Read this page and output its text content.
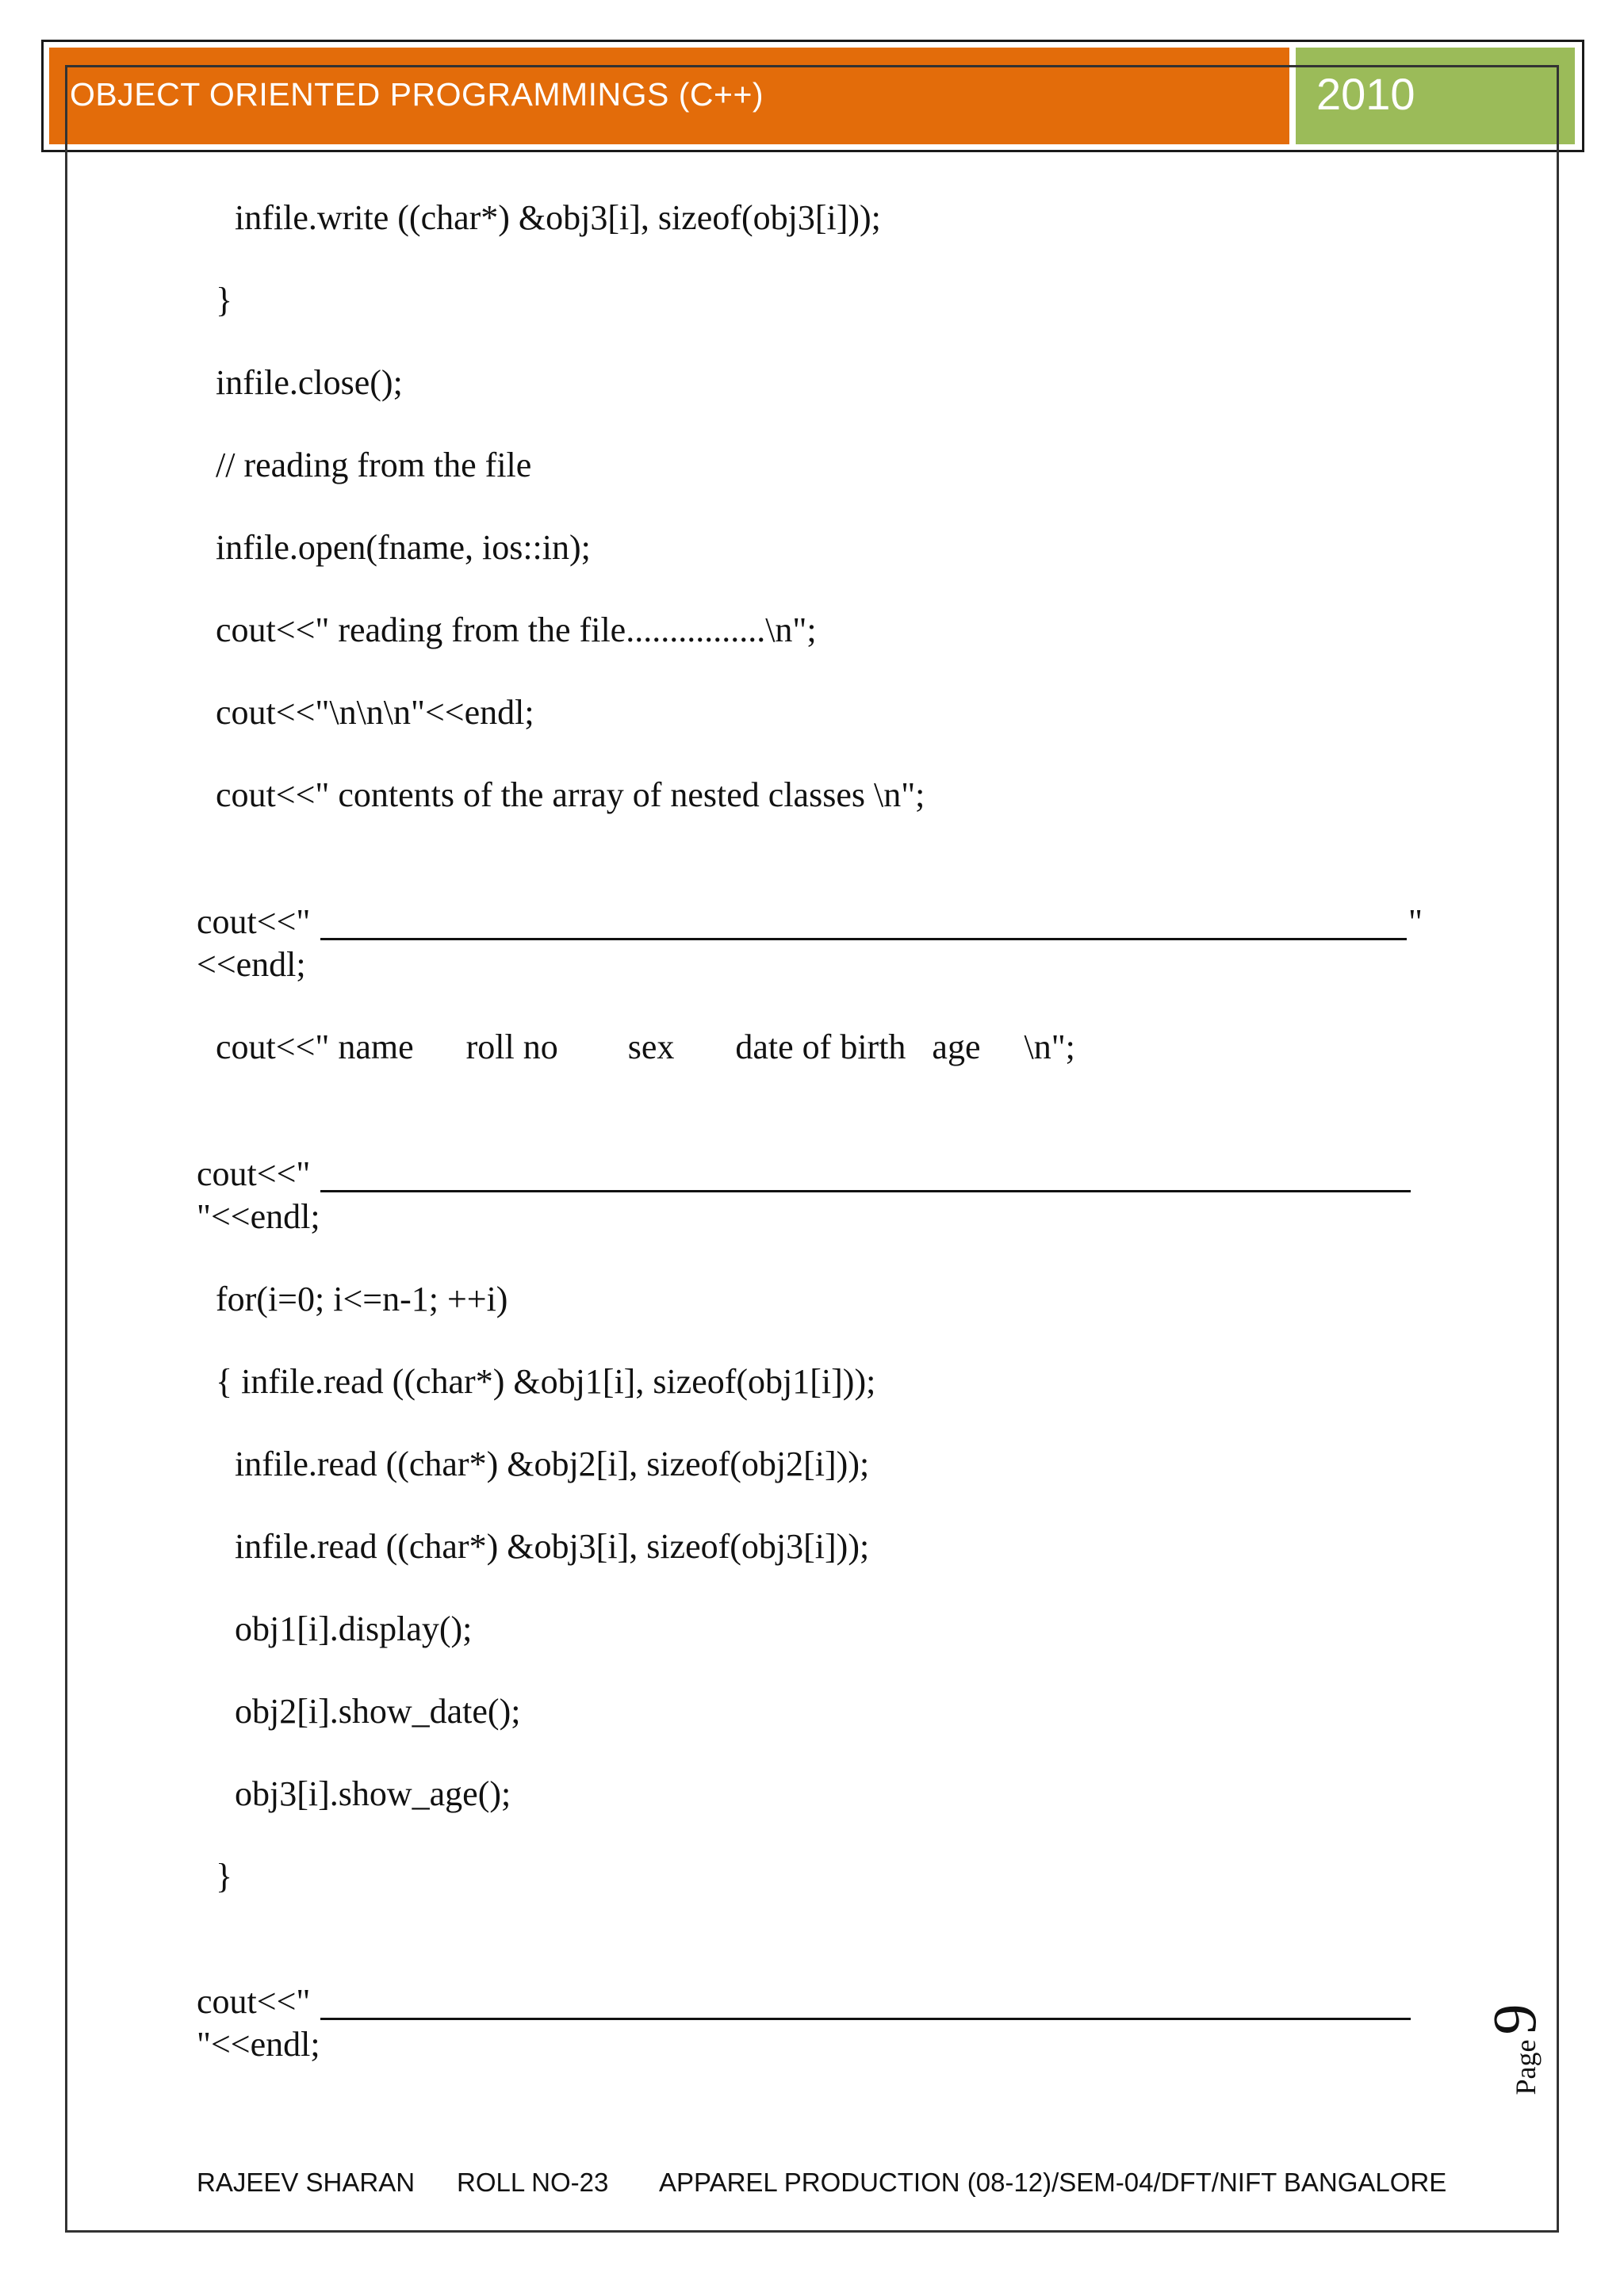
OBJECT ORIENTED PROGRAMMINGS (C++)	2010
infile.write ((char*) &obj3[i], sizeof(obj3[i]));
}
infile.close();
// reading from the file
infile.open(fname, ios::in);
cout<<" reading from the file................\n";
cout<<"\n\n\n"<<endl;
cout<<" contents of the array of nested classes \n";
cout<<"	"
<<endl;
cout<<" name      roll no        sex       date of birth   age     \n";
cout<<"
"<<endl;
for(i=0; i<=n-1; ++i)
{ infile.read ((char*) &obj1[i], sizeof(obj1[i]));
infile.read ((char*) &obj2[i], sizeof(obj2[i]));
infile.read ((char*) &obj3[i], sizeof(obj3[i]));
obj1[i].display();
obj2[i].show_date();
obj3[i].show_age();
}
cout<<"
"<<endl;	Page
9
RAJEEV SHARAN ROLL NO-23 APPAREL PRODUCTION (08-12)/SEM-04/DFT/NIFT BANGALORE
